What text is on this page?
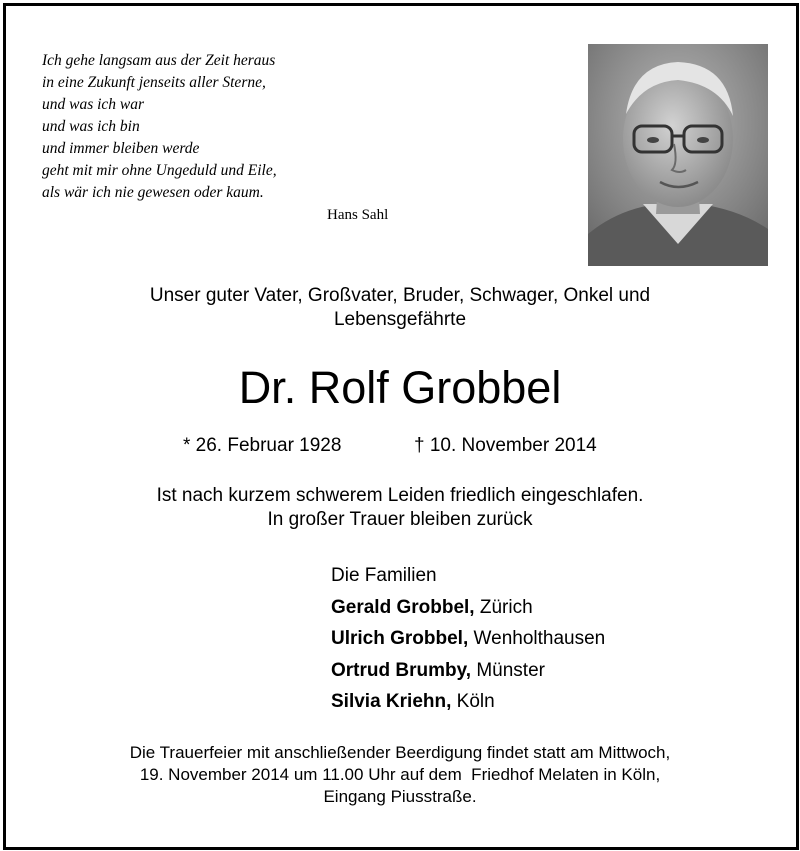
Ich gehe langsam aus der Zeit heraus
in eine Zukunft jenseits aller Sterne,
und was ich war
und was ich bin
und immer bleiben werde
geht mit mir ohne Ungeduld und Eile,
als wär ich nie gewesen oder kaum.
Hans Sahl
Unser guter Vater, Großvater, Bruder, Schwager, Onkel und
Lebensgefährte
Dr. Rolf Grobbel
* 26. Februar 1928	† 10. November 2014
Ist nach kurzem schwerem Leiden friedlich eingeschlafen.
In großer Trauer bleiben zurück
Die Familien
Gerald Grobbel, Zürich
Ulrich Grobbel, Wenholthausen
Ortrud Brumby, Münster
Silvia Kriehn, Köln
Die Trauerfeier mit anschließender Beerdigung findet statt am Mittwoch,
19. November 2014 um 11.00 Uhr auf dem  Friedhof Melaten in Köln,
Eingang Piusstraße.
